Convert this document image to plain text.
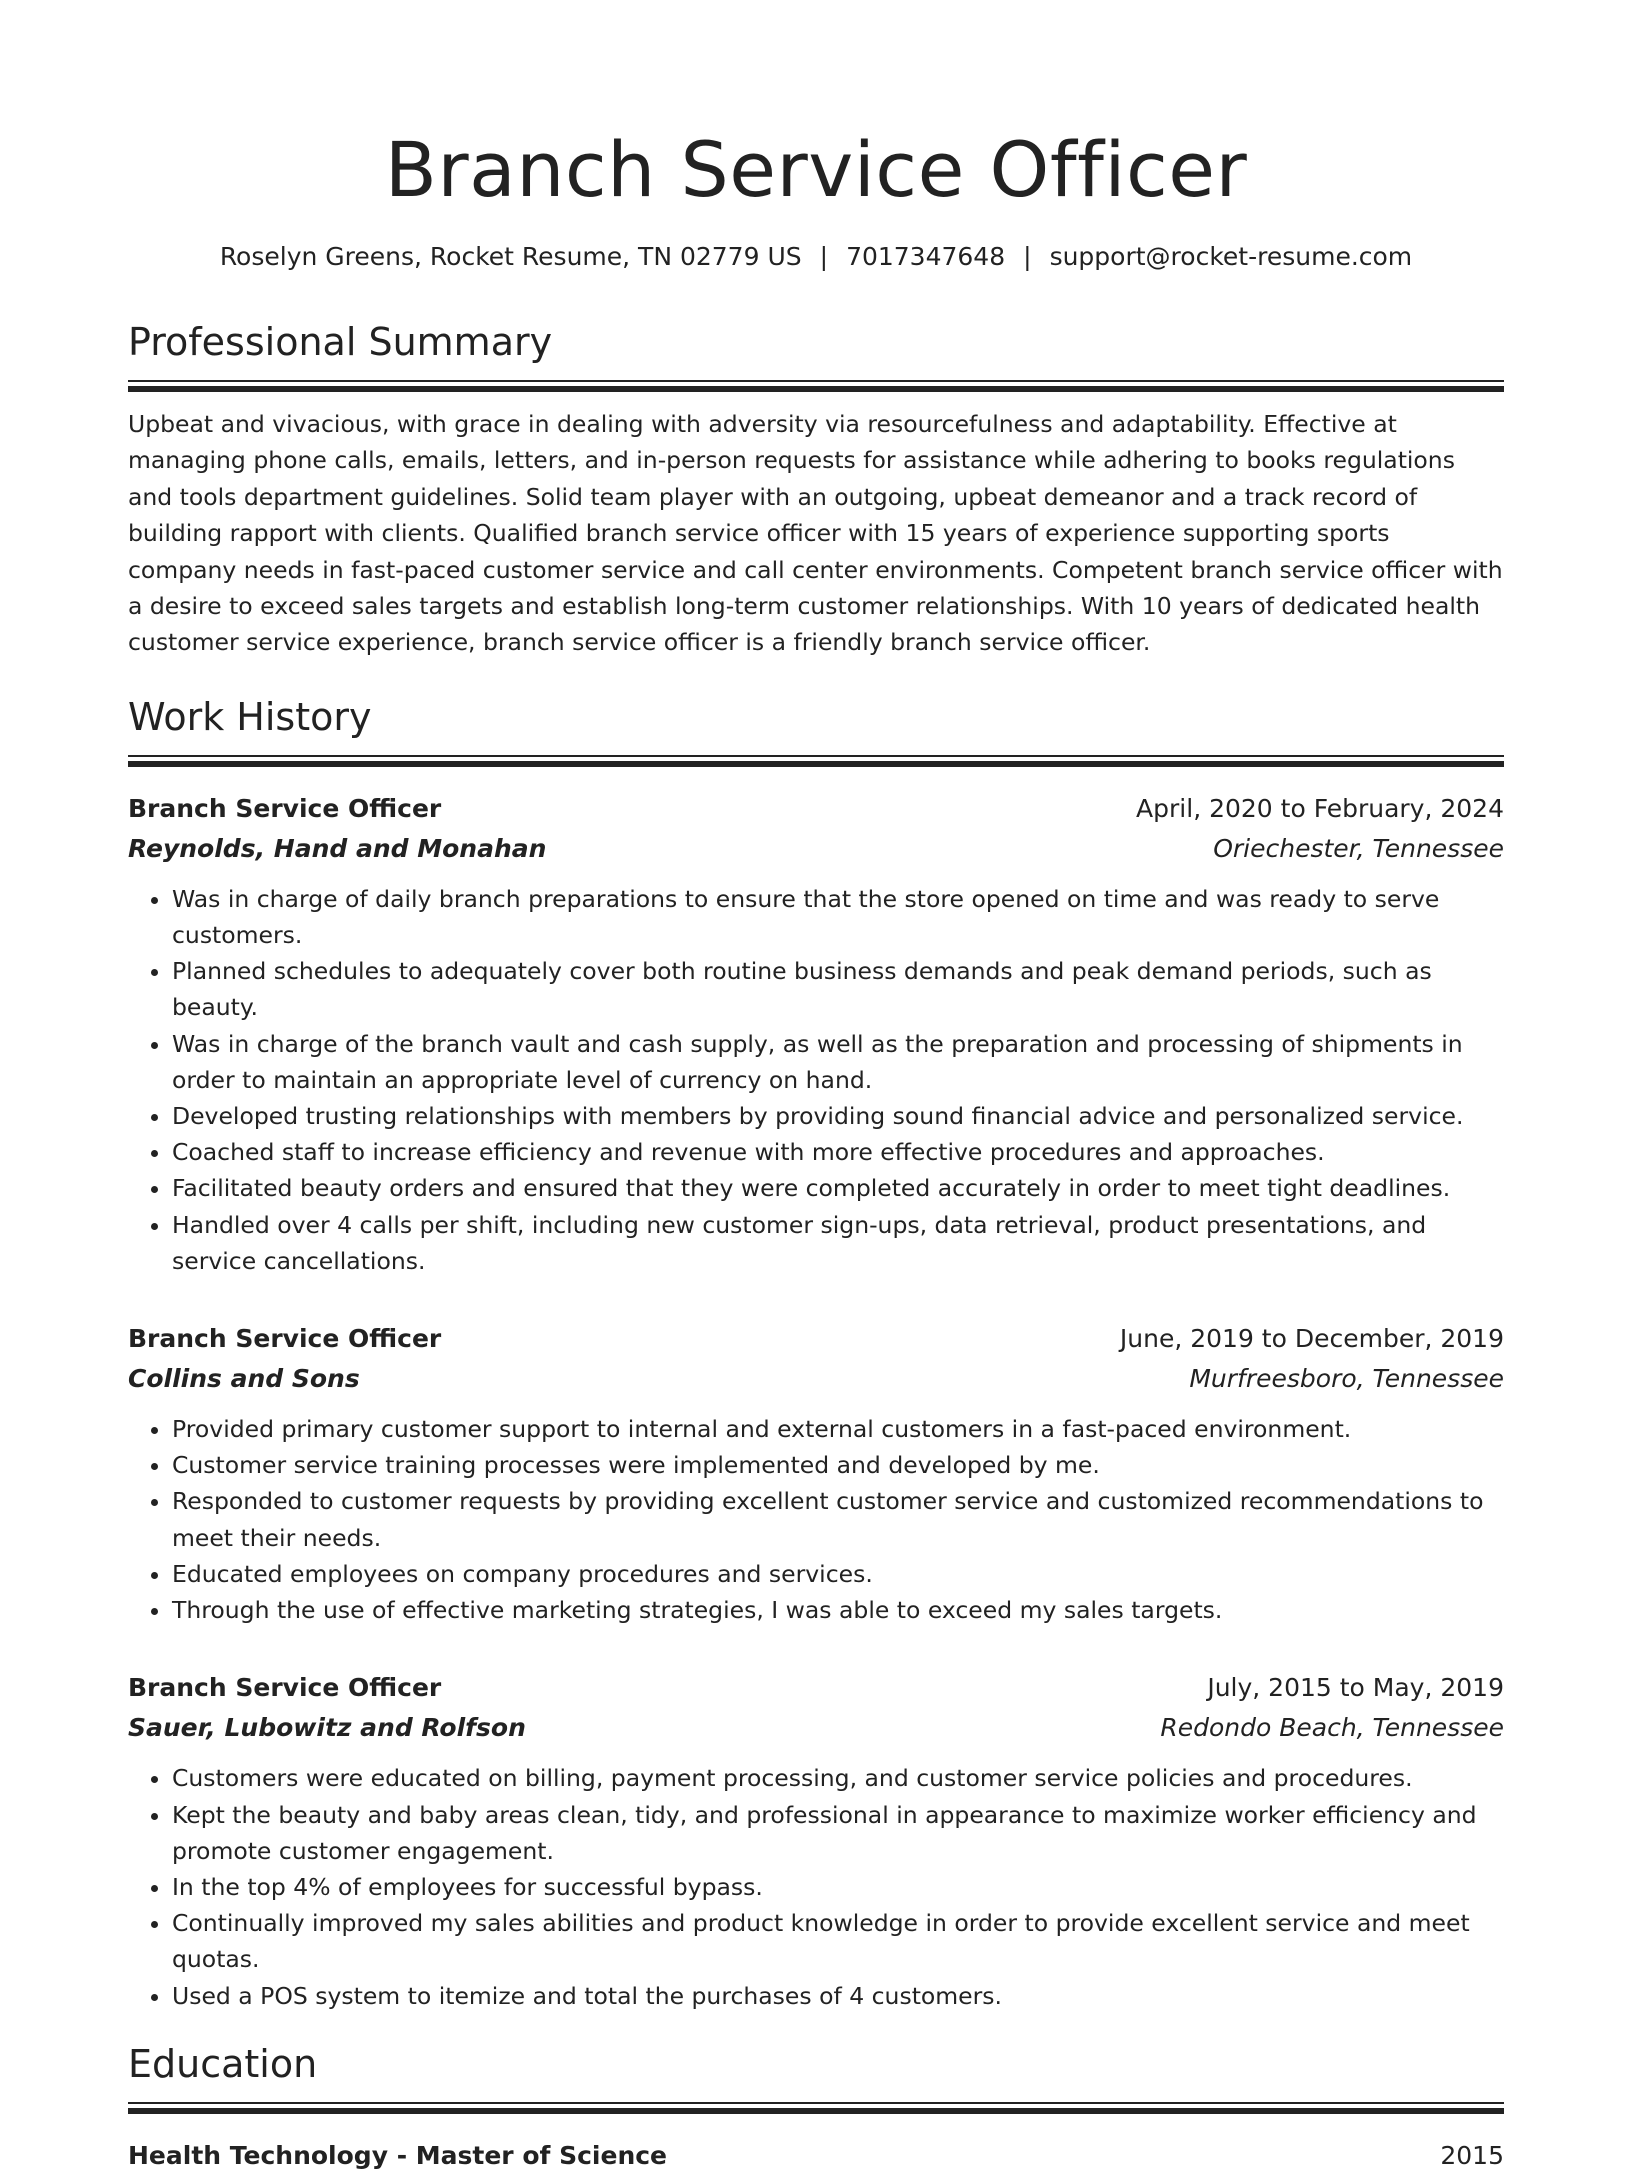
Branch Service Officer
Roselyn Greens, Rocket Resume, TN 02779 US | 7017347648 | support@rocket-resume.com
Professional Summary

Upbeat and vivacious, with grace in dealing with adversity via resourcefulness and adaptability. Effective at managing phone calls, emails, letters, and in-person requests for assistance while adhering to books regulations and tools department guidelines. Solid team player with an outgoing, upbeat demeanor and a track record of building rapport with clients. Qualified branch service officer with 15 years of experience supporting sports company needs in fast-paced customer service and call center environments. Competent branch service officer with a desire to exceed sales targets and establish long-term customer relationships. With 10 years of dedicated health customer service experience, branch service officer is a friendly branch service officer.

Work History
Branch Service Officer	April, 2020 to February, 2024
Reynolds, Hand and Monahan	Oriechester, Tennessee
• Was in charge of daily branch preparations to ensure that the store opened on time and was ready to serve customers.
• Planned schedules to adequately cover both routine business demands and peak demand periods, such as beauty.
• Was in charge of the branch vault and cash supply, as well as the preparation and processing of shipments in order to maintain an appropriate level of currency on hand.
• Developed trusting relationships with members by providing sound financial advice and personalized service.
• Coached staff to increase efficiency and revenue with more effective procedures and approaches.
• Facilitated beauty orders and ensured that they were completed accurately in order to meet tight deadlines.
• Handled over 4 calls per shift, including new customer sign-ups, data retrieval, product presentations, and service cancellations.
Branch Service Officer	June, 2019 to December, 2019
Collins and Sons	Murfreesboro, Tennessee
• Provided primary customer support to internal and external customers in a fast-paced environment.
• Customer service training processes were implemented and developed by me.
• Responded to customer requests by providing excellent customer service and customized recommendations to meet their needs.
• Educated employees on company procedures and services.
• Through the use of effective marketing strategies, I was able to exceed my sales targets.
Branch Service Officer	July, 2015 to May, 2019
Sauer, Lubowitz and Rolfson	Redondo Beach, Tennessee
• Customers were educated on billing, payment processing, and customer service policies and procedures.
• Kept the beauty and baby areas clean, tidy, and professional in appearance to maximize worker efficiency and promote customer engagement.
• In the top 4% of employees for successful bypass.
• Continually improved my sales abilities and product knowledge in order to provide excellent service and meet quotas.
• Used a POS system to itemize and total the purchases of 4 customers.
Education
Health Technology - Master of Science	2015
